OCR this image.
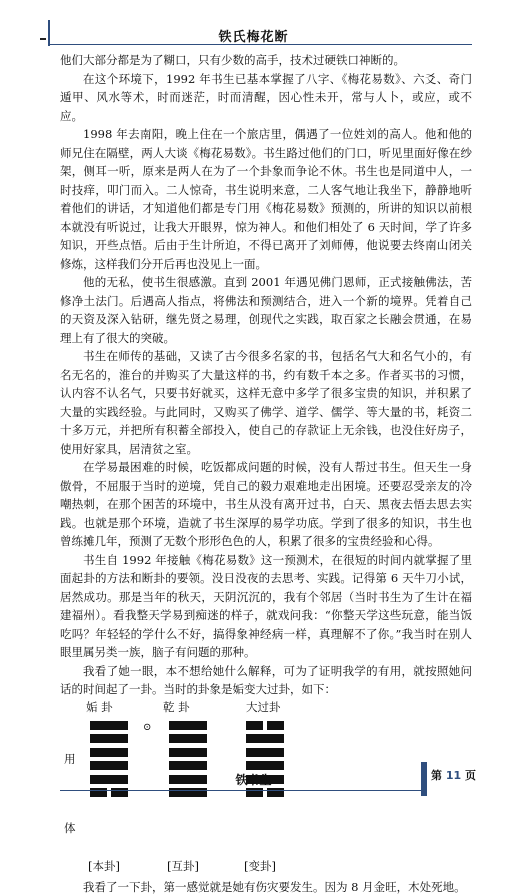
铁氏梅花断

他们大部分都是为了糊口，只有少数的高手，技术过硬铁口神断的。

在这个环境下，1992 年书生已基本掌握了八字、《梅花易数》、六爻、奇门遁甲、风水等术，时而迷茫，时而清醒，因心性未开，常与人卜，或应，或不应。

1998 年去南阳，晚上住在一个旅店里，偶遇了一位姓刘的高人。他和他的师兄住在隔壁，两人大谈《梅花易数》。书生路过他们的门口，听见里面好像在纱架，侧耳一听，原来是两人在为了一个卦象而争论不休。书生也是同道中人，一时技痒，叩门而入。二人惊奇，书生说明来意，二人客气地让我坐下，静静地听着他们的讲话，才知道他们都是专门用《梅花易数》预测的，所讲的知识以前根本就没有听说过，让我大开眼界，惊为神人。和他们相处了 6 天时间，学了许多知识，开些点悟。后由于生计所迫，不得已离开了刘师傅，他说要去终南山闭关修炼，这样我们分开后再也没见上一面。

他的无私，使书生很感激。直到 2001 年遇见佛门恩师，正式接触佛法，苦修净土法门。后遇高人指点，将佛法和预测结合，进入一个新的境界。凭着自己的天资及深入钻研，继先贤之易理，创现代之实践，取百家之长融会贯通，在易理上有了很大的突破。

书生在师传的基础，又读了古今很多名家的书，包括名气大和名气小的，有名无名的，淮台的并购买了大量这样的书，约有数千本之多。作者买书的习惯，认内容不认名气，只要书好就买，这样无意中多学了很多宝贵的知识，并积累了大量的实践经验。与此同时，又购买了佛学、道学、儒学、等大量的书，耗资二十多万元，并把所有积蓄全部投入，使自己的存款证上无余钱，也没住好房子，使用好家具，居清贫之室。

在学易最困难的时候，吃饭都成问题的时候，没有人帮过书生。但天生一身傲骨，不屈服于当时的逆境，凭自己的毅力艰难地走出困境。还要忍受亲友的冷嘲热刺，在那个困苦的环境中，书生从没有离开过书，白天、黑夜去悟去思去实践。也就是那个环境，造就了书生深厚的易学功底。学到了很多的知识，书生也曾练摊几年，预测了无数个形形色色的人，积累了很多的宝贵经验和心得。

书生自 1992 年接触《梅花易数》这一预测术，在很短的时间内就掌握了里面起卦的方法和断卦的要领。没日没夜的去思考、实践。记得第 6 天牛刀小试，居然成功。那是当年的秋天，天阴沉沉的，我有个邻居（当时书生为了生计在福建福州）。看我整天学易到痴迷的样子，就戏问我：“你整天学这些玩意，能当饭吃吗？年轻轻的学什么不好，搞得象神经病一样，真理解不了你。”我当时在别人眼里属另类一族，脑子有问题的那种。

我看了她一眼，本不想给她什么解释，可为了证明我学的有用，就按照她问话的时间起了一卦。当时的卦象是姤变大过卦，如下：

姤 卦	乾 卦	大过卦
⊙
用
体
[本卦]	[互卦]	[变卦]

我看了一下卦，第一感觉就是她有伤灾要发生。因为 8 月金旺，木处死地。

铁书生	第 11 页
